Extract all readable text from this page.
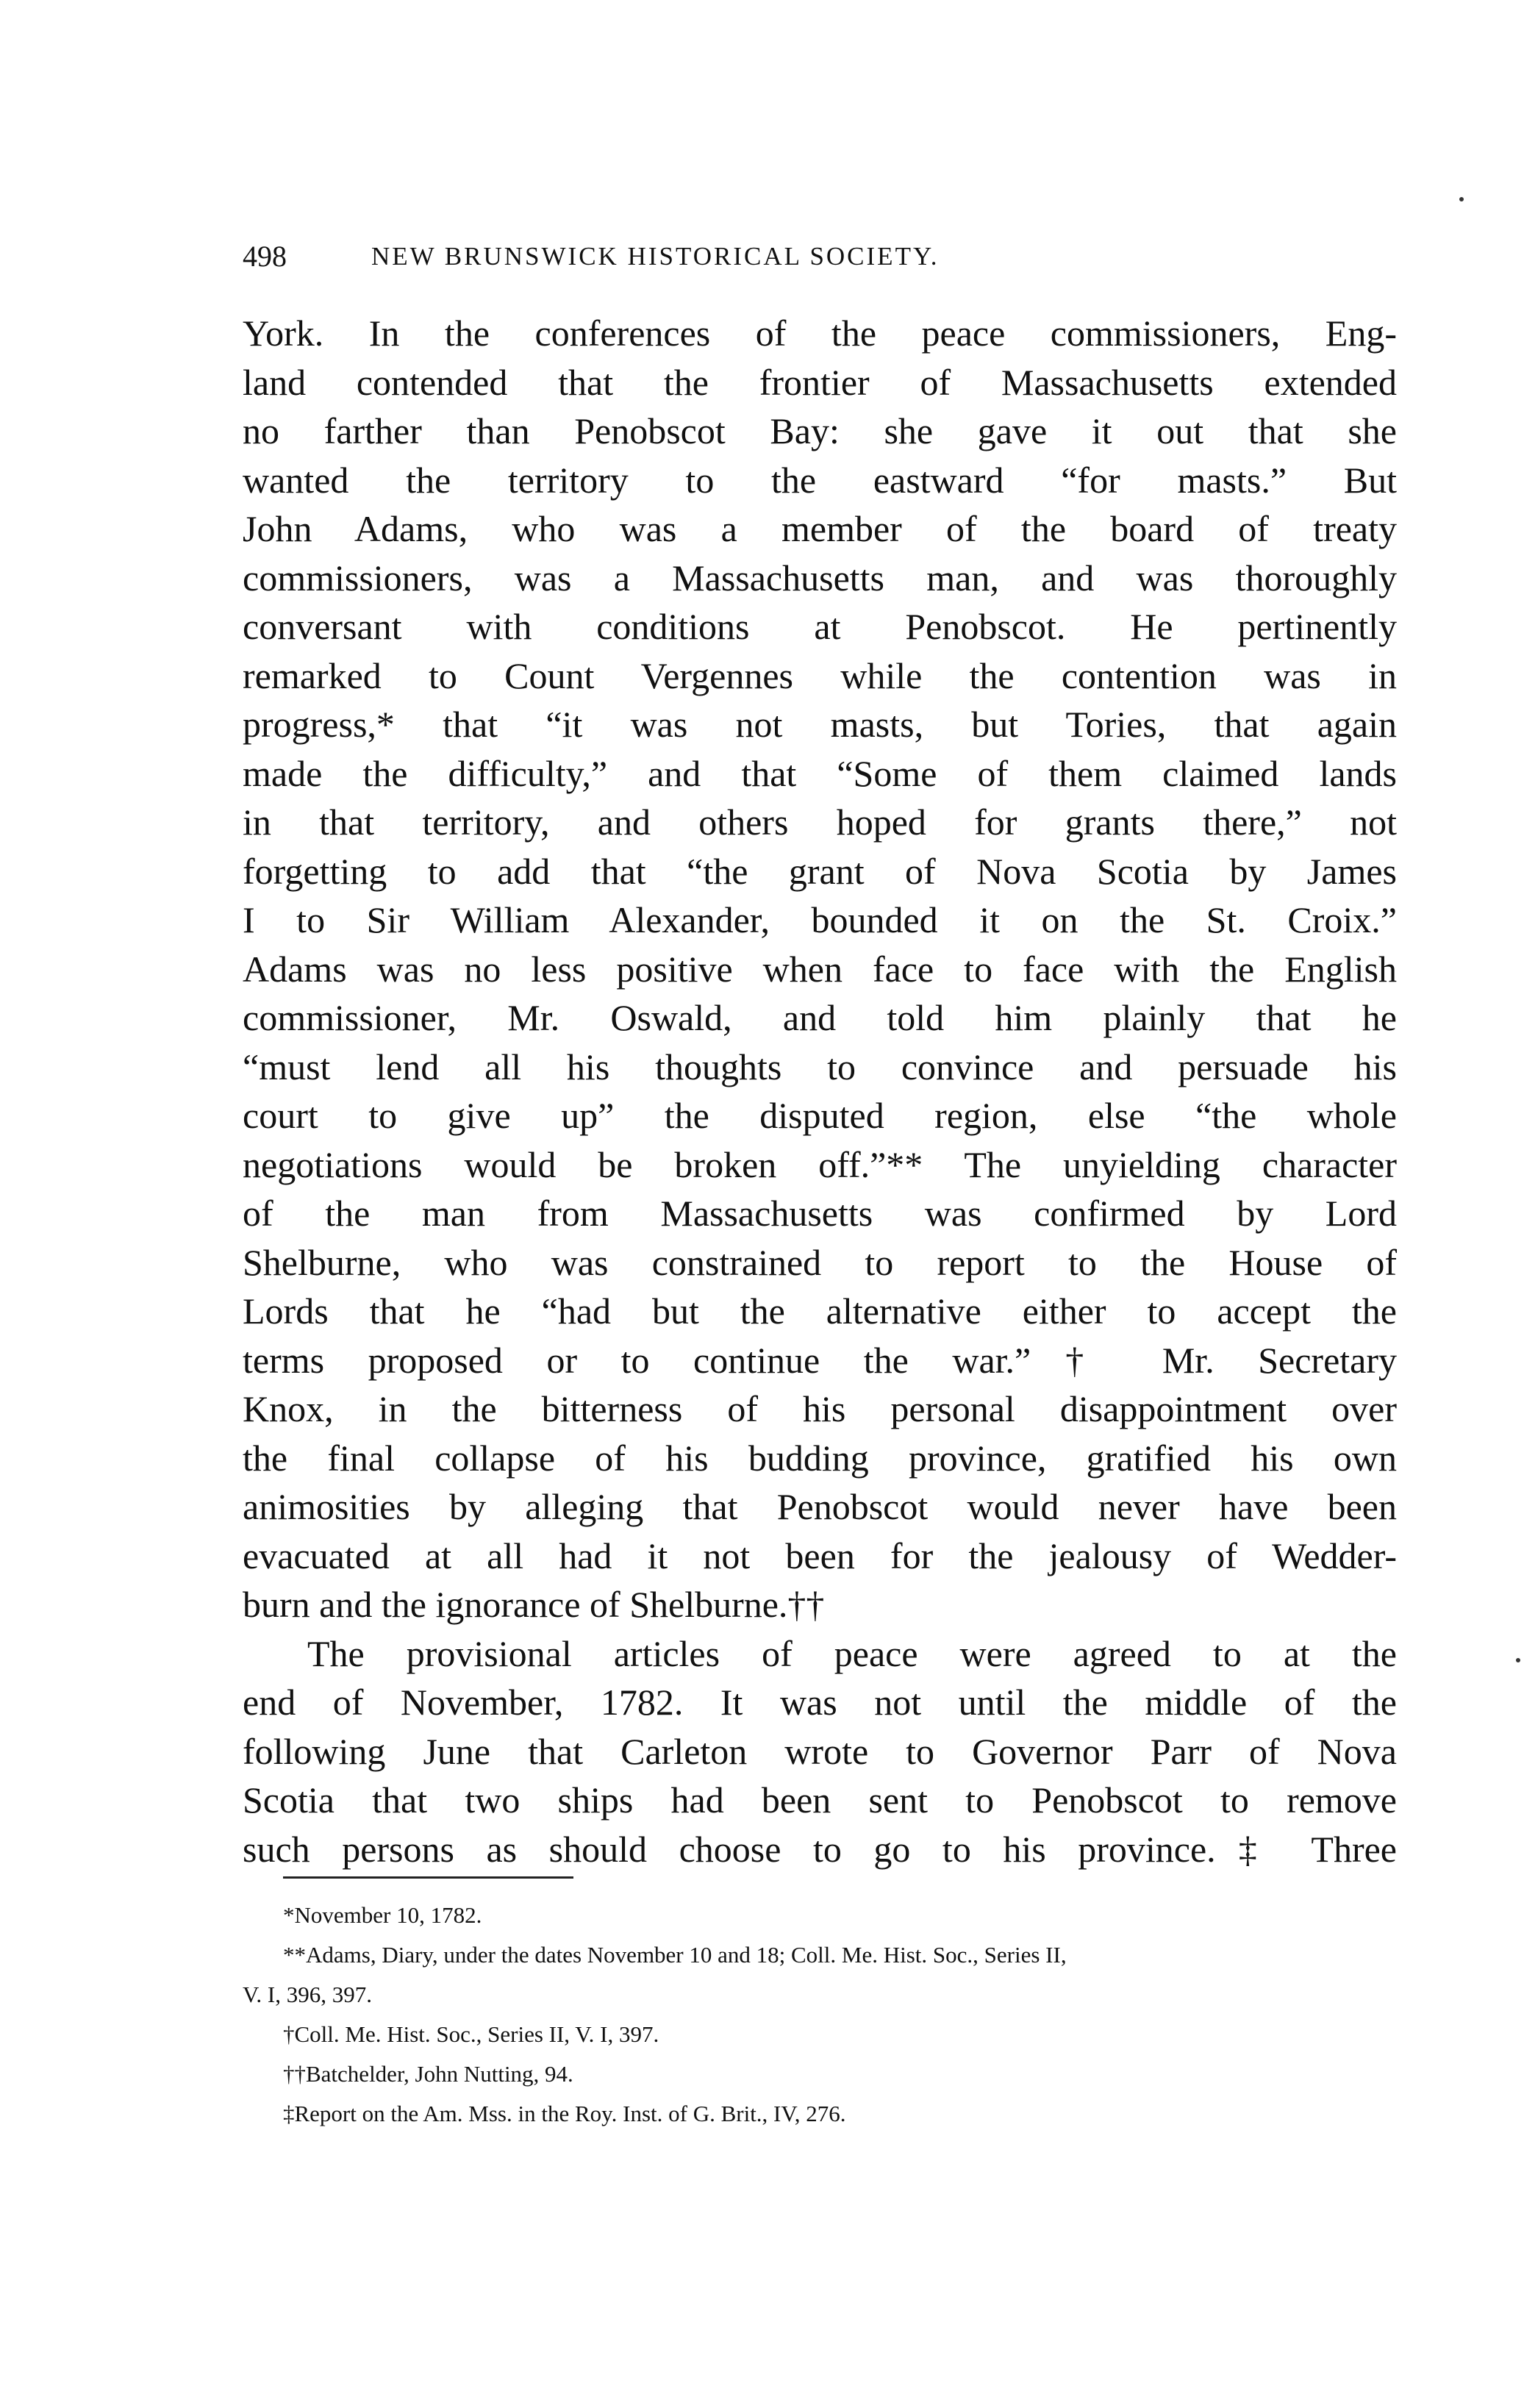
498	NEW BRUNSWICK HISTORICAL SOCIETY.
York. In the conferences of the peace commissioners, Eng-
land contended that the frontier of Massachusetts extended
no farther than Penobscot Bay: she gave it out that she
wanted the territory to the eastward “for masts.” But
John Adams, who was a member of the board of treaty
commissioners, was a Massachusetts man, and was thoroughly
conversant with conditions at Penobscot. He pertinently
remarked to Count Vergennes while the contention was in
progress,* that “it was not masts, but Tories, that again
made the difficulty,” and that “Some of them claimed lands
in that territory, and others hoped for grants there,” not
forgetting to add that “the grant of Nova Scotia by James
I to Sir William Alexander, bounded it on the St. Croix.”
Adams was no less positive when face to face with the English
commissioner, Mr. Oswald, and told him plainly that he
“must lend all his thoughts to convince and persuade his
court to give up” the disputed region, else “the whole
negotiations would be broken off.”** The unyielding character
of the man from Massachusetts was confirmed by Lord
Shelburne, who was constrained to report to the House of
Lords that he “had but the alternative either to accept the
terms proposed or to continue the war.”† Mr. Secretary
Knox, in the bitterness of his personal disappointment over
the final collapse of his budding province, gratified his own
animosities by alleging that Penobscot would never have been
evacuated at all had it not been for the jealousy of Wedder-
burn and the ignorance of Shelburne.††
The provisional articles of peace were agreed to at the
end of November, 1782. It was not until the middle of the
following June that Carleton wrote to Governor Parr of Nova
Scotia that two ships had been sent to Penobscot to remove
such persons as should choose to go to his province.‡ Three
*November 10, 1782.
**Adams, Diary, under the dates November 10 and 18; Coll. Me. Hist. Soc., Series II,
V. I, 396, 397.
†Coll. Me. Hist. Soc., Series II, V. I, 397.
††Batchelder, John Nutting, 94.
‡Report on the Am. Mss. in the Roy. Inst. of G. Brit., IV, 276.
